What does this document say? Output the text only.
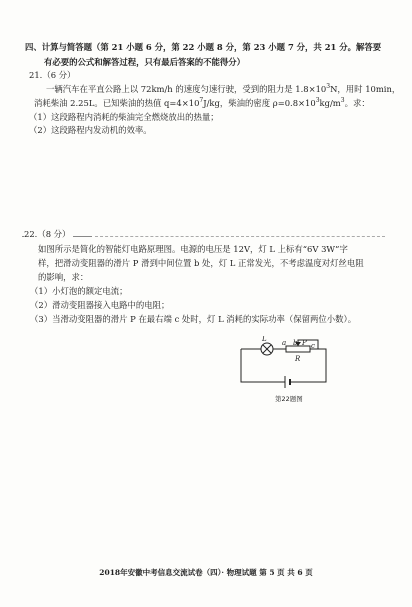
四、计算与简答题（第 21 小题 6 分，第 22 小题 8 分，第 23 小题 7 分，共 21 分。解答要
有必要的公式和解答过程，只有最后答案的不能得分）
21.（6 分）
一辆汽车在平直公路上以 72km/h 的速度匀速行驶，受到的阻力是 $1.8\times 10^3N$，用时 10min，
消耗柴油 2.25L。已知柴油的热值 $q=4\times 10^7J/kg$，柴油的密度 $\rho=0.8\times 10^3kg/m^3$。求：
（1）这段路程内消耗的柴油完全燃烧放出的热量；
（2）这段路程内发动机的效率。
22.（8 分）
如图所示是简化的智能灯电路原理图。电源的电压是 12V，灯 L 上标有“6V 3W”字
样，把滑动变阻器的滑片 P 滑到中间位置 b 处，灯 L 正常发光，不考虑温度对灯丝电阻
的影响，求：
（1）小灯泡的额定电流；
（2）滑动变阻器接入电路中的电阻；
（3）当滑动变阻器的滑片 P 在最右端 c 处时，灯 L 消耗的实际功率（保留两位小数）。
L a b P c
R
第22题图
2018年安徽中考信息交流试卷（四）· 物理试题 第 5 页 共 6 页
